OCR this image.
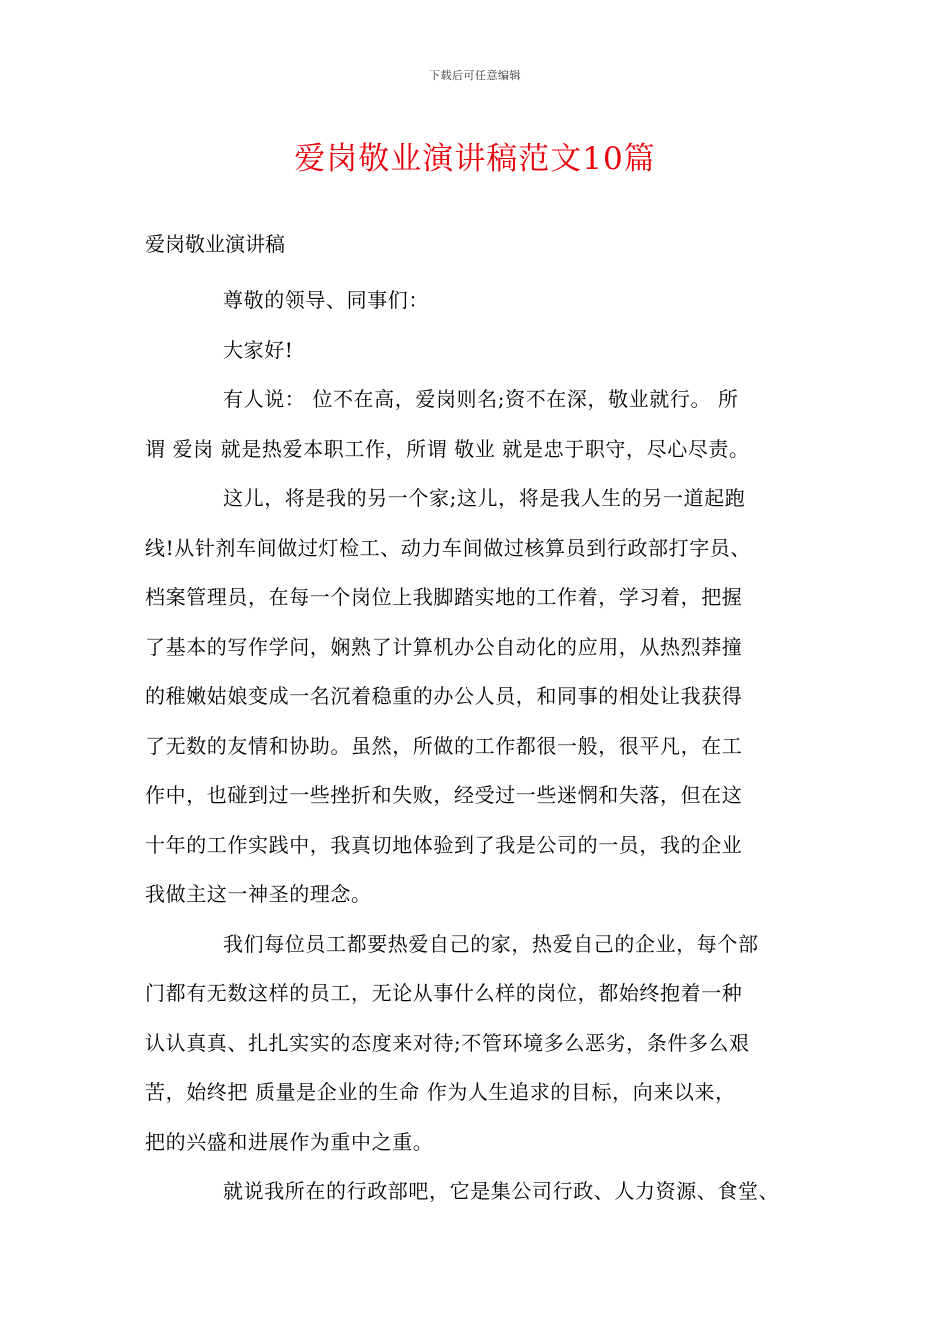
下载后可任意编辑
爱岗敬业演讲稿范文10篇
爱岗敬业演讲稿

尊敬的领导、同事们：

大家好!

有人说： 位不在高，爱岗则名;资不在深，敬业就行。 所
谓 爱岗 就是热爱本职工作，所谓 敬业 就是忠于职守，尽心尽责。

这儿，将是我的另一个家;这儿，将是我人生的另一道起跑
线!从针剂车间做过灯检工、动力车间做过核算员到行政部打字员、
档案管理员，在每一个岗位上我脚踏实地的工作着，学习着，把握
了基本的写作学问，娴熟了计算机办公自动化的应用，从热烈莽撞
的稚嫩姑娘变成一名沉着稳重的办公人员，和同事的相处让我获得
了无数的友情和协助。虽然，所做的工作都很一般，很平凡，在工
作中，也碰到过一些挫折和失败，经受过一些迷惘和失落，但在这
十年的工作实践中，我真切地体验到了我是公司的一员，我的企业
我做主这一神圣的理念。

我们每位员工都要热爱自己的家，热爱自己的企业，每个部
门都有无数这样的员工，无论从事什么样的岗位，都始终抱着一种
认认真真、扎扎实实的态度来对待;不管环境多么恶劣，条件多么艰
苦，始终把 质量是企业的生命 作为人生追求的目标，向来以来，
把的兴盛和进展作为重中之重。

就说我所在的行政部吧，它是集公司行政、人力资源、食堂、
